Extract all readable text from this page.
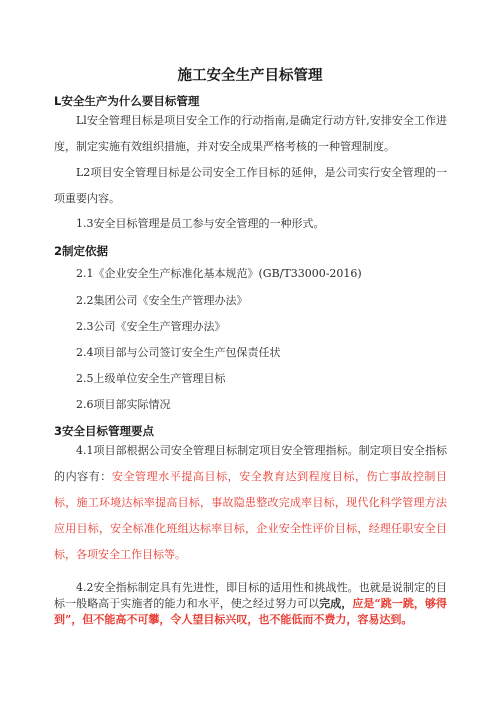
施工安全生产目标管理
L安全生产为什么要目标管理

Ll安全管理目标是项目安全工作的行动指南,是确定行动方针,安排安全工作进度，制定实施有效组织措施，并对安全成果严格考核的一种管理制度。

L2项目安全管理目标是公司安全工作目标的延伸，是公司实行安全管理的一项重要内容。

1.3安全目标管理是员工参与安全管理的一种形式。

2制定依据

2.1《企业安全生产标准化基本规范》(GB/T33000-2016)

2.2集团公司《安全生产管理办法》

2.3公司《安全生产管理办法》

2.4项目部与公司签订安全生产包保责任状

2.5上级单位安全生产管理目标

2.6项目部实际情况

3安全目标管理要点

4.1项目部根据公司安全管理目标制定项目安全管理指标。制定项目安全指标的内容有：安全管理水平提高目标，安全教育达到程度目标，伤亡事故控制目标，施工环境达标率提高目标，事故隐患整改完成率目标，现代化科学管理方法应用目标，安全标准化班组达标率目标，企业安全性评价目标，经理任职安全目标，各项安全工作目标等。

4.2安全指标制定具有先进性，即目标的适用性和挑战性。也就是说制定的目标一般略高于实施者的能力和水平，使之经过努力可以完成，应是“跳一跳，够得到”，但不能高不可攀，令人望目标兴叹，也不能低而不费力，容易达到。
